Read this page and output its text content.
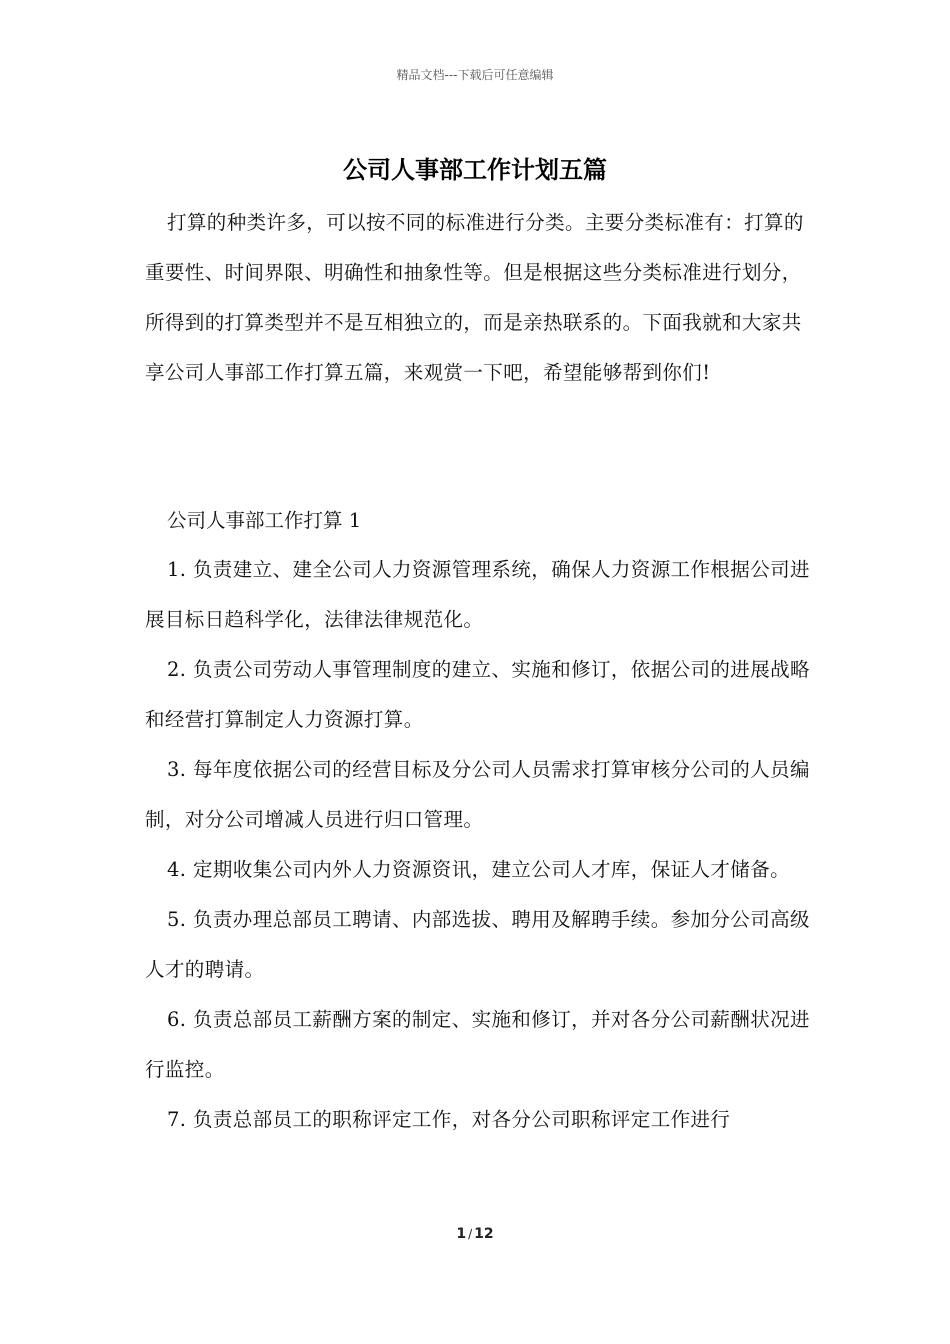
精品文档---下载后可任意编辑
公司人事部工作计划五篇

打算的种类许多，可以按不同的标准进行分类。主要分类标准有：打算的重要性、时间界限、明确性和抽象性等。但是根据这些分类标准进行划分，所得到的打算类型并不是互相独立的，而是亲热联系的。下面我就和大家共享公司人事部工作打算五篇，来观赏一下吧，希望能够帮到你们!

公司人事部工作打算 1

1. 负责建立、建全公司人力资源管理系统，确保人力资源工作根据公司进展目标日趋科学化，法律法律规范化。

2. 负责公司劳动人事管理制度的建立、实施和修订，依据公司的进展战略和经营打算制定人力资源打算。

3. 每年度依据公司的经营目标及分公司人员需求打算审核分公司的人员编制，对分公司增减人员进行归口管理。

4. 定期收集公司内外人力资源资讯，建立公司人才库，保证人才储备。

5. 负责办理总部员工聘请、内部选拔、聘用及解聘手续。参加分公司高级人才的聘请。

6. 负责总部员工薪酬方案的制定、实施和修订，并对各分公司薪酬状况进行监控。

7. 负责总部员工的职称评定工作，对各分公司职称评定工作进行

1 / 12
